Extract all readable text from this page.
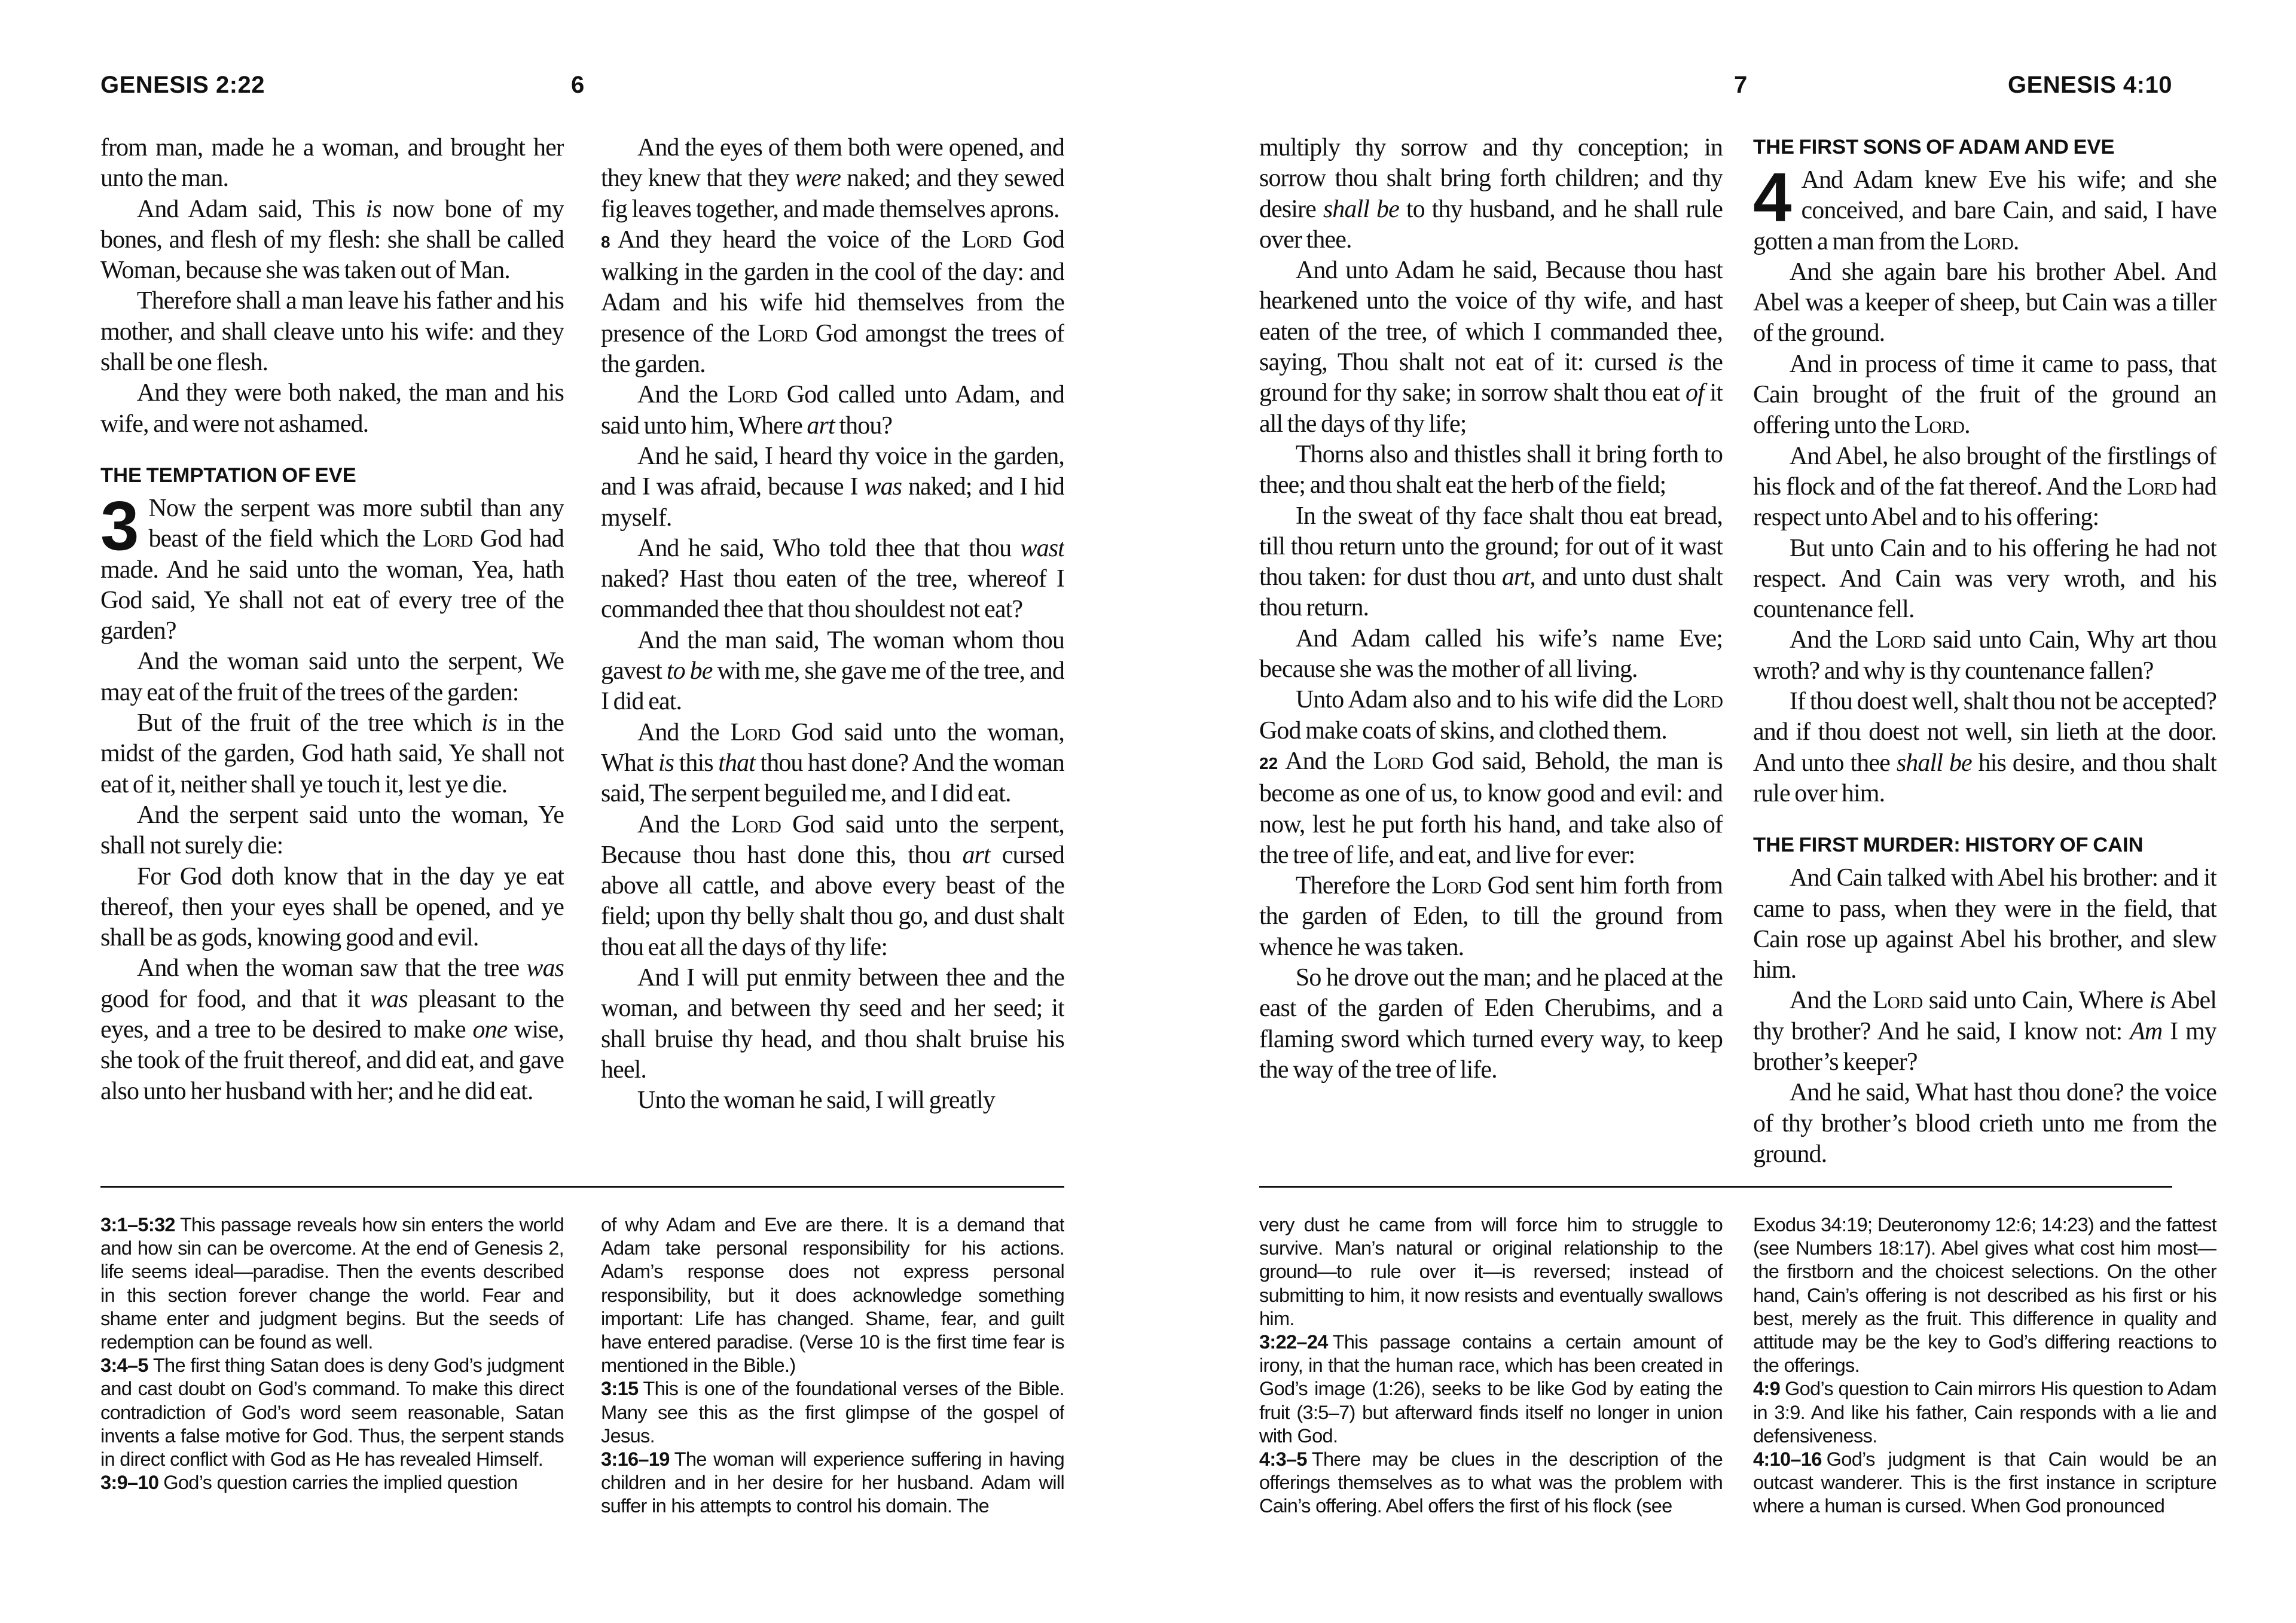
GENESIS 2:22	6

from man, made he a woman, and brought her unto the man.

And Adam said, This is now bone of my bones, and flesh of my flesh: she shall be called Woman, because she was taken out of Man.

Therefore shall a man leave his father and his mother, and shall cleave unto his wife: and they shall be one flesh.

And they were both naked, the man and his wife, and were not ashamed.

THE TEMPTATION OF EVE

3 Now the serpent was more subtil than any beast of the field which the Lord God had made. And he said unto the woman, Yea, hath God said, Ye shall not eat of every tree of the garden?

And the woman said unto the serpent, We may eat of the fruit of the trees of the garden:

But of the fruit of the tree which is in the midst of the garden, God hath said, Ye shall not eat of it, neither shall ye touch it, lest ye die.

And the serpent said unto the woman, Ye shall not surely die:

For God doth know that in the day ye eat thereof, then your eyes shall be opened, and ye shall be as gods, knowing good and evil.

And when the woman saw that the tree was good for food, and that it was pleasant to the eyes, and a tree to be desired to make one wise, she took of the fruit thereof, and did eat, and gave also unto her husband with her; and he did eat.

And the eyes of them both were opened, and they knew that they were naked; and they sewed fig leaves together, and made themselves aprons.

8 And they heard the voice of the Lord God walking in the garden in the cool of the day: and Adam and his wife hid themselves from the presence of the Lord God amongst the trees of the garden.

And the Lord God called unto Adam, and said unto him, Where art thou?

And he said, I heard thy voice in the garden, and I was afraid, because I was naked; and I hid myself.

And he said, Who told thee that thou wast naked? Hast thou eaten of the tree, whereof I commanded thee that thou shouldest not eat?

And the man said, The woman whom thou gavest to be with me, she gave me of the tree, and I did eat.

And the Lord God said unto the woman, What is this that thou hast done? And the woman said, The serpent beguiled me, and I did eat.

And the Lord God said unto the serpent, Because thou hast done this, thou art cursed above all cattle, and above every beast of the field; upon thy belly shalt thou go, and dust shalt thou eat all the days of thy life:

And I will put enmity between thee and the woman, and between thy seed and her seed; it shall bruise thy head, and thou shalt bruise his heel.

Unto the woman he said, I will greatly

3:1–5:32 This passage reveals how sin enters the world and how sin can be overcome. At the end of Genesis 2, life seems ideal—paradise. Then the events described in this section forever change the world. Fear and shame enter and judgment begins. But the seeds of redemption can be found as well.

3:4–5 The first thing Satan does is deny God’s judgment and cast doubt on God’s command. To make this direct contradiction of God’s word seem reasonable, Satan invents a false motive for God. Thus, the serpent stands in direct conflict with God as He has revealed Himself.

3:9–10 God’s question carries the implied question

of why Adam and Eve are there. It is a demand that Adam take personal responsibility for his actions. Adam’s response does not express personal responsibility, but it does acknowledge something important: Life has changed. Shame, fear, and guilt have entered paradise. (Verse 10 is the first time fear is mentioned in the Bible.)

3:15 This is one of the foundational verses of the Bible. Many see this as the first glimpse of the gospel of Jesus.

3:16–19 The woman will experience suffering in having children and in her desire for her husband. Adam will suffer in his attempts to control his domain. The

7	GENESIS 4:10

multiply thy sorrow and thy conception; in sorrow thou shalt bring forth children; and thy desire shall be to thy husband, and he shall rule over thee.

And unto Adam he said, Because thou hast hearkened unto the voice of thy wife, and hast eaten of the tree, of which I commanded thee, saying, Thou shalt not eat of it: cursed is the ground for thy sake; in sorrow shalt thou eat of it all the days of thy life;

Thorns also and thistles shall it bring forth to thee; and thou shalt eat the herb of the field;

In the sweat of thy face shalt thou eat bread, till thou return unto the ground; for out of it wast thou taken: for dust thou art, and unto dust shalt thou return.

And Adam called his wife’s name Eve; because she was the mother of all living.

Unto Adam also and to his wife did the Lord God make coats of skins, and clothed them.

22 And the Lord God said, Behold, the man is become as one of us, to know good and evil: and now, lest he put forth his hand, and take also of the tree of life, and eat, and live for ever:

Therefore the Lord God sent him forth from the garden of Eden, to till the ground from whence he was taken.

So he drove out the man; and he placed at the east of the garden of Eden Cherubims, and a flaming sword which turned every way, to keep the way of the tree of life.

THE FIRST SONS OF ADAM AND EVE

4 And Adam knew Eve his wife; and she conceived, and bare Cain, and said, I have gotten a man from the Lord.

And she again bare his brother Abel. And Abel was a keeper of sheep, but Cain was a tiller of the ground.

And in process of time it came to pass, that Cain brought of the fruit of the ground an offering unto the Lord.

And Abel, he also brought of the firstlings of his flock and of the fat thereof. And the Lord had respect unto Abel and to his offering:

But unto Cain and to his offering he had not respect. And Cain was very wroth, and his countenance fell.

And the Lord said unto Cain, Why art thou wroth? and why is thy countenance fallen?

If thou doest well, shalt thou not be accepted? and if thou doest not well, sin lieth at the door. And unto thee shall be his desire, and thou shalt rule over him.

THE FIRST MURDER: HISTORY OF CAIN

And Cain talked with Abel his brother: and it came to pass, when they were in the field, that Cain rose up against Abel his brother, and slew him.

And the Lord said unto Cain, Where is Abel thy brother? And he said, I know not: Am I my brother’s keeper?

And he said, What hast thou done? the voice of thy brother’s blood crieth unto me from the ground.

very dust he came from will force him to struggle to survive. Man’s natural or original relationship to the ground—to rule over it—is reversed; instead of submitting to him, it now resists and eventually swallows him.

3:22–24 This passage contains a certain amount of irony, in that the human race, which has been created in God’s image (1:26), seeks to be like God by eating the fruit (3:5–7) but afterward finds itself no longer in union with God.

4:3–5 There may be clues in the description of the offerings themselves as to what was the problem with Cain’s offering. Abel offers the first of his flock (see

Exodus 34:19; Deuteronomy 12:6; 14:23) and the fattest (see Numbers 18:17). Abel gives what cost him most—the firstborn and the choicest selections. On the other hand, Cain’s offering is not described as his first or his best, merely as the fruit. This difference in quality and attitude may be the key to God’s differing reactions to the offerings.

4:9 God’s question to Cain mirrors His question to Adam in 3:9. And like his father, Cain responds with a lie and defensiveness.

4:10–16 God’s judgment is that Cain would be an outcast wanderer. This is the first instance in scripture where a human is cursed. When God pronounced
